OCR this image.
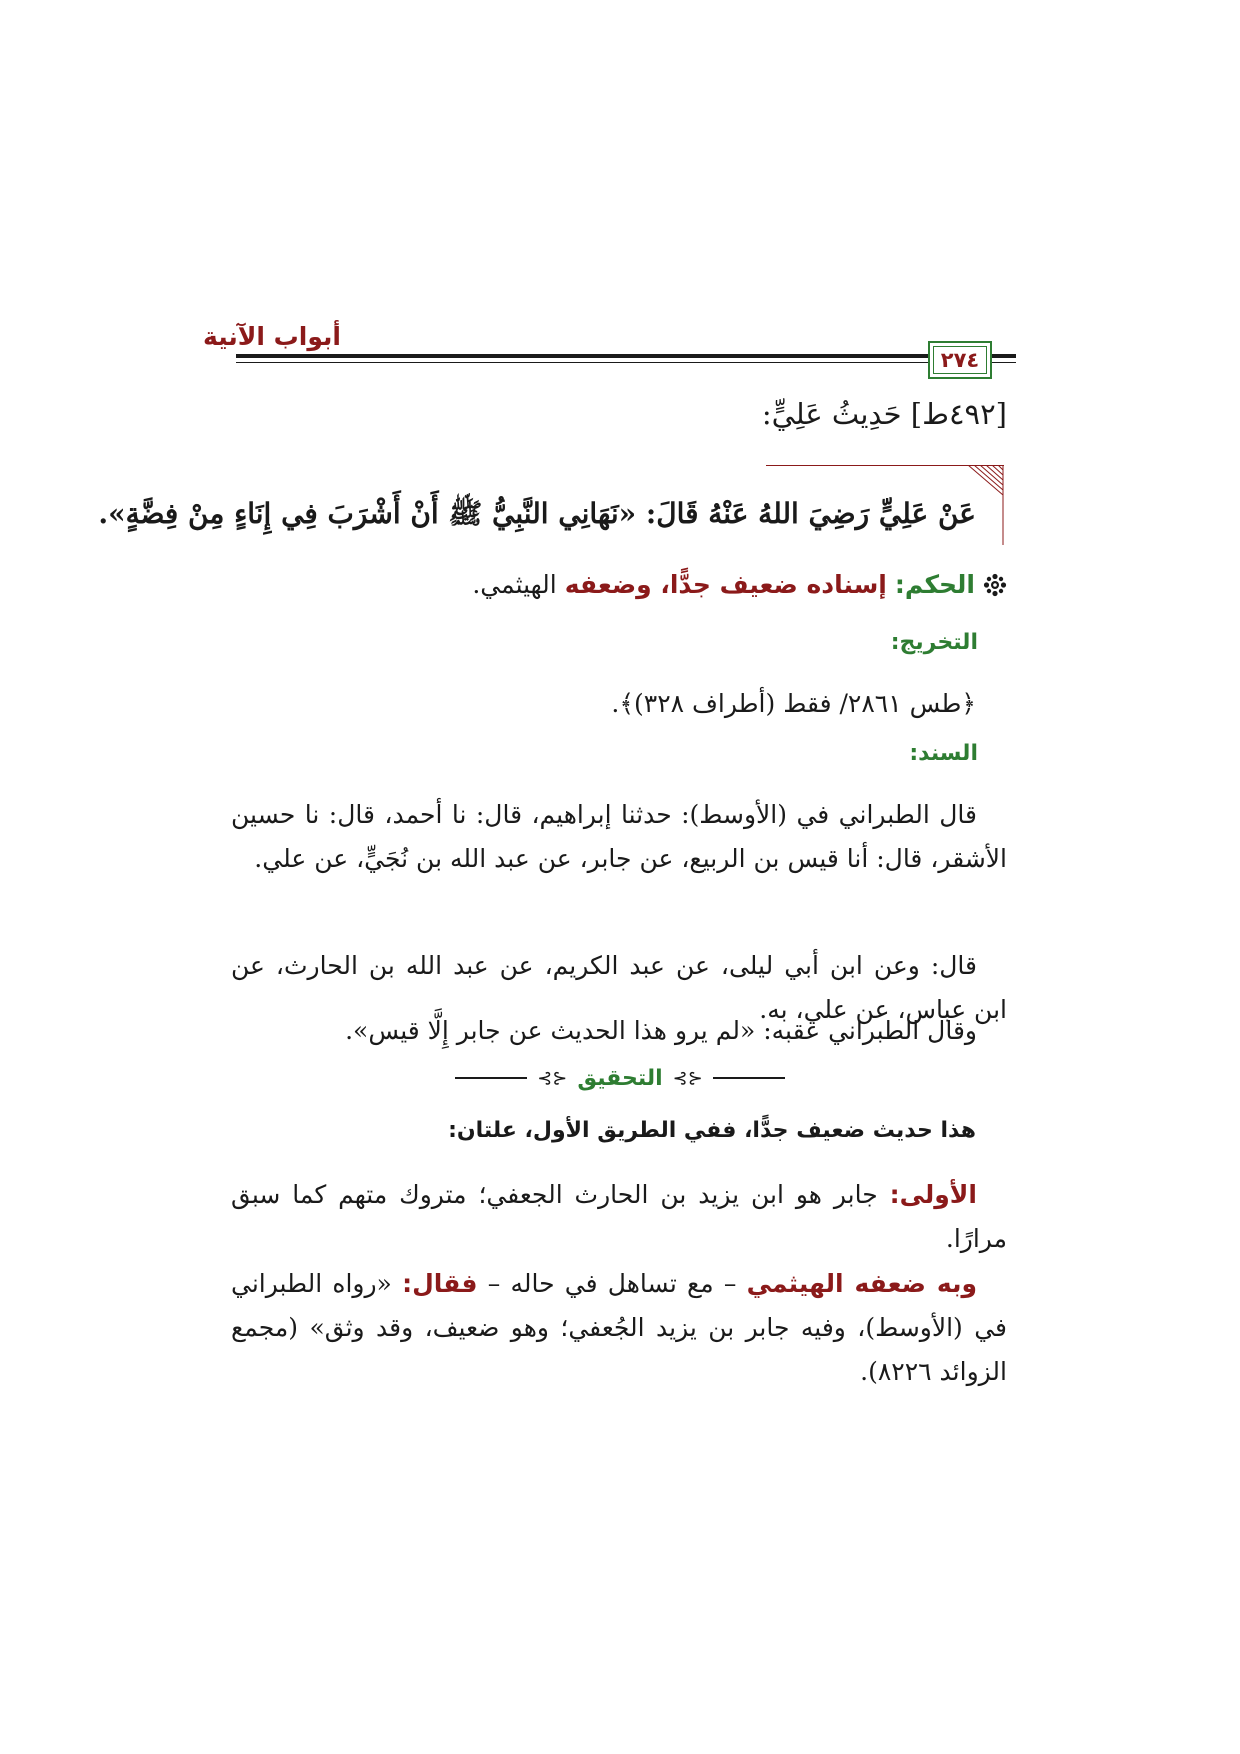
أبواب الآنية
٢٧٤
[٤٩٢ط] حَدِيثُ عَلِيٍّ:

عَنْ عَلِيٍّ رَضِيَ اللهُ عَنْهُ قَالَ: «نَهَانِي النَّبِيُّ ﷺ أَنْ أَشْرَبَ فِي إِنَاءٍ مِنْ فِضَّةٍ».

الحكم:
إسناده ضعيف جدًّا، وضعفه الهيثمي.
التخريج:
﴿طس ٢٨٦١/ فقط (أطراف ٣٢٨)﴾.
السند:

قال الطبراني في (الأوسط): حدثنا إبراهيم، قال: نا أحمد، قال: نا حسين الأشقر، قال: أنا قيس بن الربيع، عن جابر، عن عبد الله بن نُجَيٍّ، عن علي.

قال: وعن ابن أبي ليلى، عن عبد الكريم، عن عبد الله بن الحارث، عن ابن عباس، عن علي، به.

وقال الطبراني عقبه: «لم يرو هذا الحديث عن جابر إِلَّا قيس».

⊰⊱
التحقيق
⊰⊱

هذا حديث ضعيف جدًّا، ففي الطريق الأول، علتان:

الأولى: جابر هو ابن يزيد بن الحارث الجعفي؛ متروك متهم كما سبق مرارًا.

وبه ضعفه الهيثمي – مع تساهل في حاله – فقال: «رواه الطبراني في (الأوسط)، وفيه جابر بن يزيد الجُعفي؛ وهو ضعيف، وقد وثق» (مجمع الزوائد ٨٢٢٦).
